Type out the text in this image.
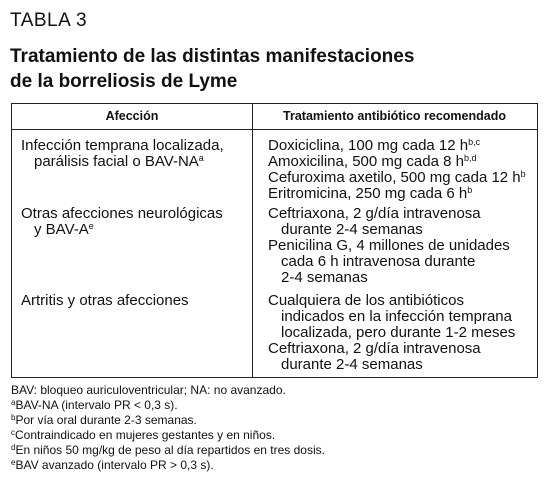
TABLA 3
Tratamiento de las distintas manifestaciones
de la borreliosis de Lyme
Afección	Tratamiento antibiótico recomendado
Infección temprana localizada,
parálisis facial o BAV-$NA^a$
Doxiciclina, 100 mg cada 12 $h^{b,c}$
Amoxicilina, 500 mg cada 8 $h^{b,d}$
Cefuroxima axetilo, 500 mg cada 12 $h^b$
Eritromicina, 250 mg cada 6 $h^b$
Otras afecciones neurológicas
y BAV-$A^e$
Ceftriaxona, 2 g/día intravenosa
durante 2-4 semanas
Penicilina G, 4 millones de unidades
cada 6 h intravenosa durante
2-4 semanas
Artritis y otras afecciones	Cualquiera de los antibióticos
indicados en la infección temprana
localizada, pero durante 1-2 meses
Ceftriaxona, 2 g/día intravenosa
durante 2-4 semanas
BAV: bloqueo auriculoventricular; NA: no avanzado.
$^a$BAV-NA (intervalo PR < 0,3 s).
$^b$Por vía oral durante 2-3 semanas.
$^c$Contraindicado en mujeres gestantes y en niños.
$^d$En niños 50 mg/kg de peso al día repartidos en tres dosis.
$^e$BAV avanzado (intervalo PR > 0,3 s).
